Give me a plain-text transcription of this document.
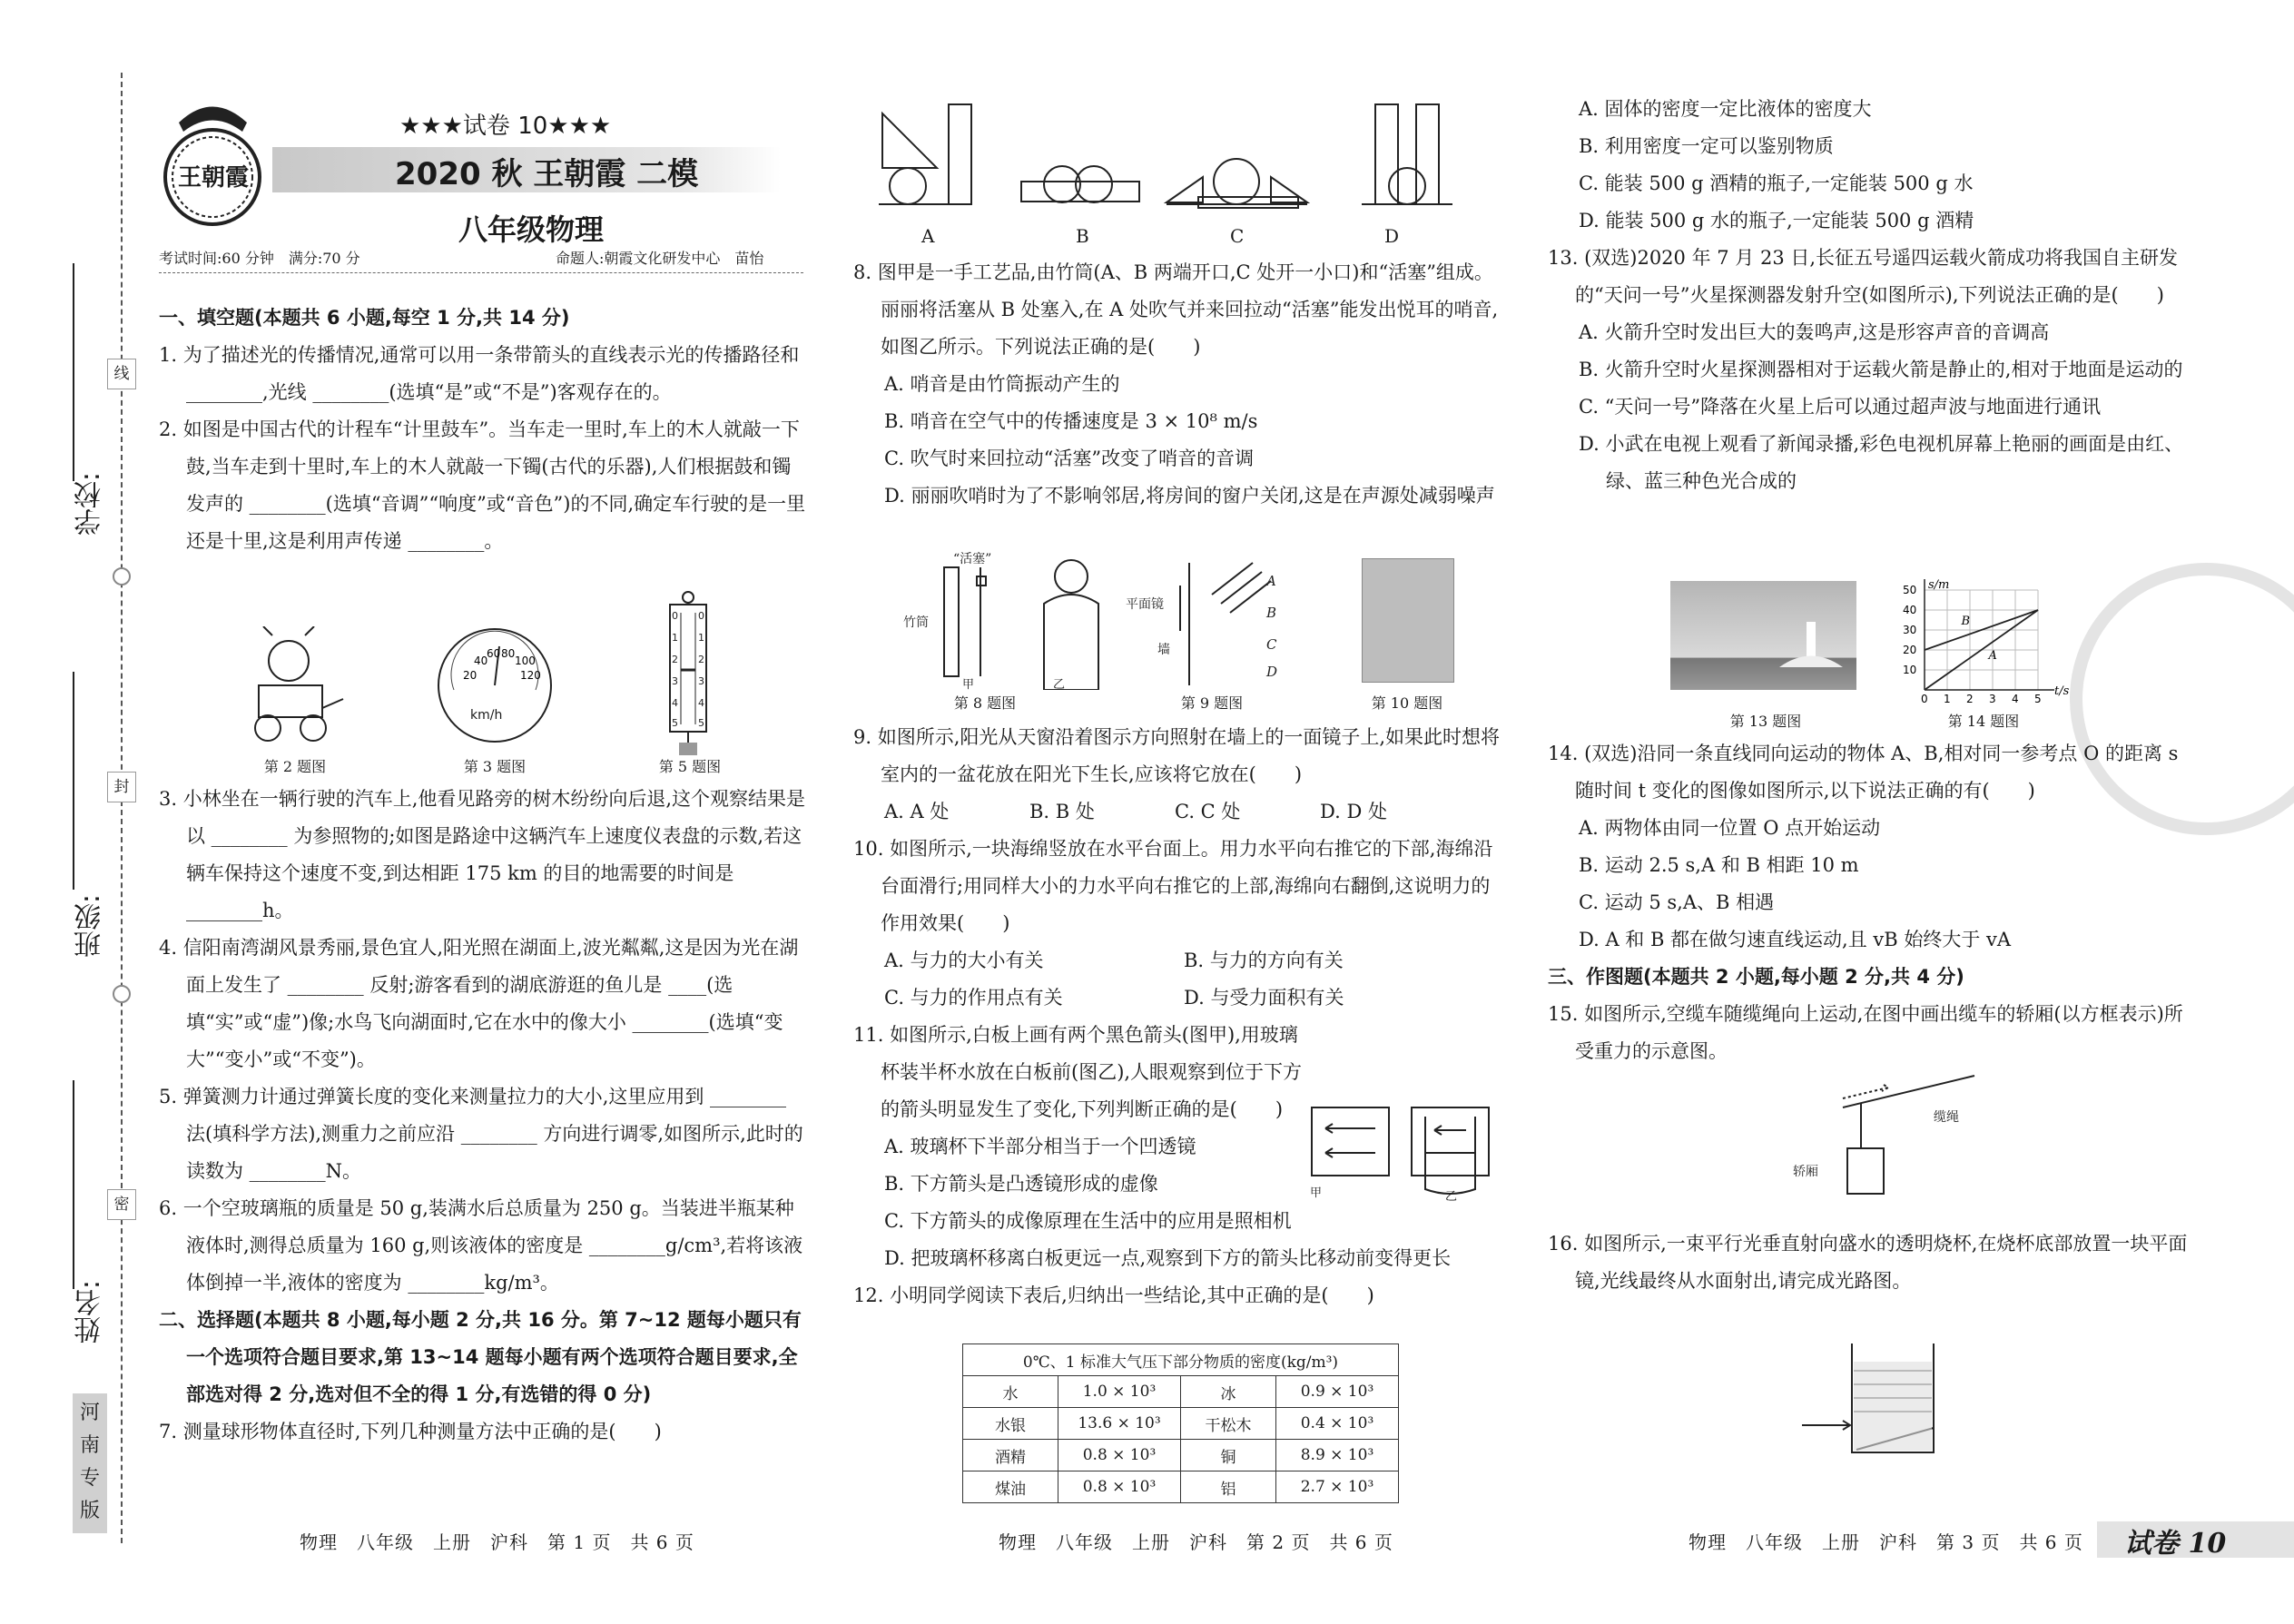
线
封
密
学校:
班级:
姓名:
河南专版
王朝霞
★★★试卷 10★★★
2020 秋 王朝霞 二模
八年级物理
考试时间:60 分钟　满分:70 分	命题人:朝霞文化研发中心　苗怡

一、填空题(本题共 6 小题,每空 1 分,共 14 分)

1. 为了描述光的传播情况,通常可以用一条带箭头的直线表示光的传播路径和 ________,光线 ________(选填“是”或“不是”)客观存在的。

2. 如图是中国古代的计程车“计里鼓车”。当车走一里时,车上的木人就敲一下鼓,当车走到十里时,车上的木人就敲一下镯(古代的乐器),人们根据鼓和镯发声的 ________(选填“音调”“响度”或“音色”)的不同,确定车行驶的是一里还是十里,这是利用声传递 ________。

第 2 题图
40
60 80
100
20	120
km/h
第 3 题图
0
1
2
3
4
5
0
1
2
3
4
5
第 5 题图

3. 小林坐在一辆行驶的汽车上,他看见路旁的树木纷纷向后退,这个观察结果是以 ________ 为参照物的;如图是路途中这辆汽车上速度仪表盘的示数,若这辆车保持这个速度不变,到达相距 175 km 的目的地需要的时间是 ________h。

4. 信阳南湾湖风景秀丽,景色宜人,阳光照在湖面上,波光粼粼,这是因为光在湖面上发生了 ________ 反射;游客看到的湖底游逛的鱼儿是 ____(选填“实”或“虚”)像;水鸟飞向湖面时,它在水中的像大小 ________(选填“变大”“变小”或“不变”)。

5. 弹簧测力计通过弹簧长度的变化来测量拉力的大小,这里应用到 ________ 法(填科学方法),测重力之前应沿 ________ 方向进行调零,如图所示,此时的读数为 ________N。

6. 一个空玻璃瓶的质量是 50 g,装满水后总质量为 250 g。当装进半瓶某种液体时,测得总质量为 160 g,则该液体的密度是 ________g/cm³,若将该液体倒掉一半,液体的密度为 ________kg/m³。

二、选择题(本题共 8 小题,每小题 2 分,共 16 分。第 7~12 题每小题只有一个选项符合题目要求,第 13~14 题每小题有两个选项符合题目要求,全部选对得 2 分,选对但不全的得 1 分,有选错的得 0 分)

7. 测量球形物体直径时,下列几种测量方法中正确的是(　　)

物理　八年级　上册　沪科　第 1 页　共 6 页
A	B	C	D

8. 图甲是一手工艺品,由竹筒(A、B 两端开口,C 处开一小口)和“活塞”组成。丽丽将活塞从 B 处塞入,在 A 处吹气并来回拉动“活塞”能发出悦耳的哨音,如图乙所示。下列说法正确的是(　　)

A. 哨音是由竹筒振动产生的

B. 哨音在空气中的传播速度是 3 × 10⁸ m/s

C. 吹气时来回拉动“活塞”改变了哨音的音调

D. 丽丽吹哨时为了不影响邻居,将房间的窗户关闭,这是在声源处减弱噪声

“活塞”
竹筒
甲	乙
第 8 题图
A
B
C
D
平面镜
墙
第 9 题图	第 10 题图

9. 如图所示,阳光从天窗沿着图示方向照射在墙上的一面镜子上,如果此时想将室内的一盆花放在阳光下生长,应该将它放在(　　)

A. A 处	B. B 处	C. C 处	D. D 处

10. 如图所示,一块海绵竖放在水平台面上。用力水平向右推它的下部,海绵沿台面滑行;用同样大小的力水平向右推它的上部,海绵向右翻倒,这说明力的作用效果(　　)

A. 与力的大小有关	B. 与力的方向有关

C. 与力的作用点有关	D. 与受力面积有关

11. 如图所示,白板上画有两个黑色箭头(图甲),用玻璃杯装半杯水放在白板前(图乙),人眼观察到位于下方的箭头明显发生了变化,下列判断正确的是(　　)

A. 玻璃杯下半部分相当于一个凹透镜

B. 下方箭头是凸透镜形成的虚像

C. 下方箭头的成像原理在生活中的应用是照相机

D. 把玻璃杯移离白板更远一点,观察到下方的箭头比移动前变得更长

12. 小明同学阅读下表后,归纳出一些结论,其中正确的是(　　)

甲	乙
0℃、1 标准大气压下部分物质的密度(kg/m³)			
水	1.0 × 10³	冰	0.9 × 10³
水银	13.6 × 10³	干松木	0.4 × 10³
酒精	0.8 × 10³	铜	8.9 × 10³
煤油	0.8 × 10³	铝	2.7 × 10³
物理　八年级　上册　沪科　第 2 页　共 6 页

A. 固体的密度一定比液体的密度大

B. 利用密度一定可以鉴别物质

C. 能装 500 g 酒精的瓶子,一定能装 500 g 水

D. 能装 500 g 水的瓶子,一定能装 500 g 酒精

13. (双选)2020 年 7 月 23 日,长征五号遥四运载火箭成功将我国自主研发的“天问一号”火星探测器发射升空(如图所示),下列说法正确的是(　　)

A. 火箭升空时发出巨大的轰鸣声,这是形容声音的音调高

B. 火箭升空时火星探测器相对于运载火箭是静止的,相对于地面是运动的

C. “天问一号”降落在火星上后可以通过超声波与地面进行通讯

D. 小武在电视上观看了新闻录播,彩色电视机屏幕上艳丽的画面是由红、绿、蓝三种色光合成的

第 13 题图
0 1 2 3 4 5
10
20
30
40
50
t/s
s/m
A
B
第 14 题图

14. (双选)沿同一条直线同向运动的物体 A、B,相对同一参考点 O 的距离 s 随时间 t 变化的图像如图所示,以下说法正确的有(　　)

A. 两物体由同一位置 O 点开始运动

B. 运动 2.5 s,A 和 B 相距 10 m

C. 运动 5 s,A、B 相遇

D. A 和 B 都在做匀速直线运动,且 vB 始终大于 vA

三、作图题(本题共 2 小题,每小题 2 分,共 4 分)

15. 如图所示,空缆车随缆绳向上运动,在图中画出缆车的轿厢(以方框表示)所受重力的示意图。

缆绳
轿厢

16. 如图所示,一束平行光垂直射向盛水的透明烧杯,在烧杯底部放置一块平面镜,光线最终从水面射出,请完成光路图。

物理　八年级　上册　沪科　第 3 页　共 6 页 试卷 10
